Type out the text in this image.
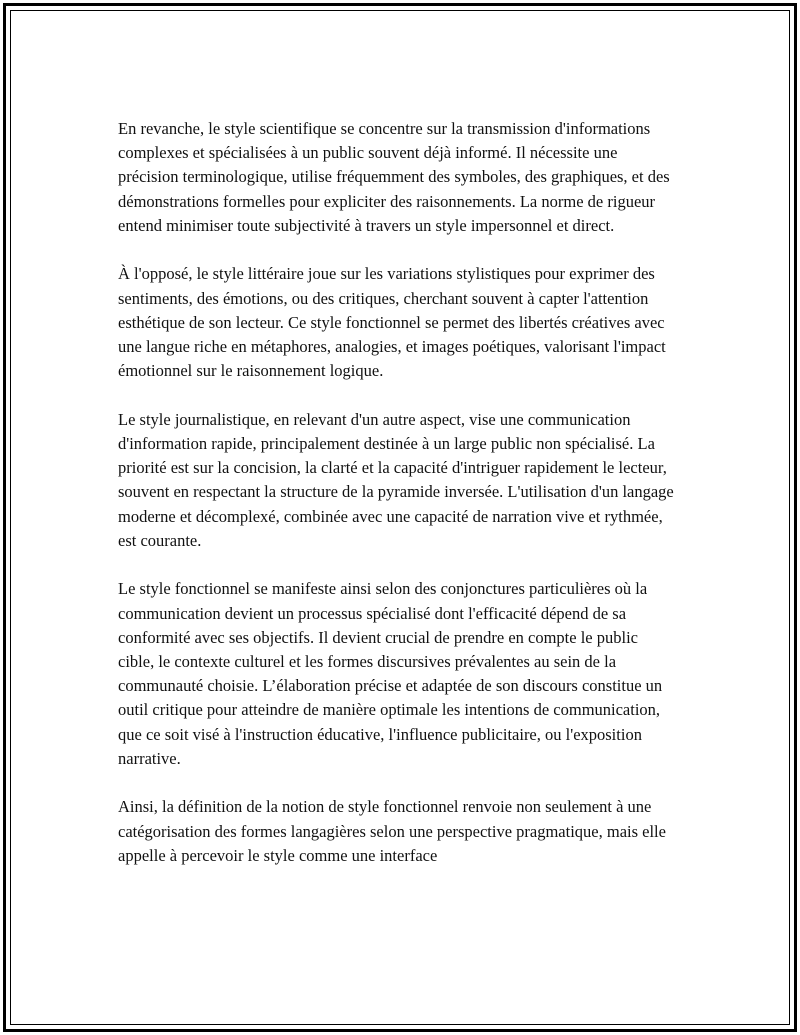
En revanche, le style scientifique se concentre sur la transmission d'informations complexes et spécialisées à un public souvent déjà informé. Il nécessite une précision terminologique, utilise fréquemment des symboles, des graphiques, et des démonstrations formelles pour expliciter des raisonnements. La norme de rigueur entend minimiser toute subjectivité à travers un style impersonnel et direct.

À l'opposé, le style littéraire joue sur les variations stylistiques pour exprimer des sentiments, des émotions, ou des critiques, cherchant souvent à capter l'attention esthétique de son lecteur. Ce style fonctionnel se permet des libertés créatives avec une langue riche en métaphores, analogies, et images poétiques, valorisant l'impact émotionnel sur le raisonnement logique.

Le style journalistique, en relevant d'un autre aspect, vise une communication d'information rapide, principalement destinée à un large public non spécialisé. La priorité est sur la concision, la clarté et la capacité d'intriguer rapidement le lecteur, souvent en respectant la structure de la pyramide inversée. L'utilisation d'un langage moderne et décomplexé, combinée avec une capacité de narration vive et rythmée, est courante.

Le style fonctionnel se manifeste ainsi selon des conjonctures particulières où la communication devient un processus spécialisé dont l'efficacité dépend de sa conformité avec ses objectifs. Il devient crucial de prendre en compte le public cible, le contexte culturel et les formes discursives prévalentes au sein de la communauté choisie. L’élaboration précise et adaptée de son discours constitue un outil critique pour atteindre de manière optimale les intentions de communication, que ce soit visé à l'instruction éducative, l'influence publicitaire, ou l'exposition narrative.

Ainsi, la définition de la notion de style fonctionnel renvoie non seulement à une catégorisation des formes langagières selon une perspective pragmatique, mais elle appelle à percevoir le style comme une interface
